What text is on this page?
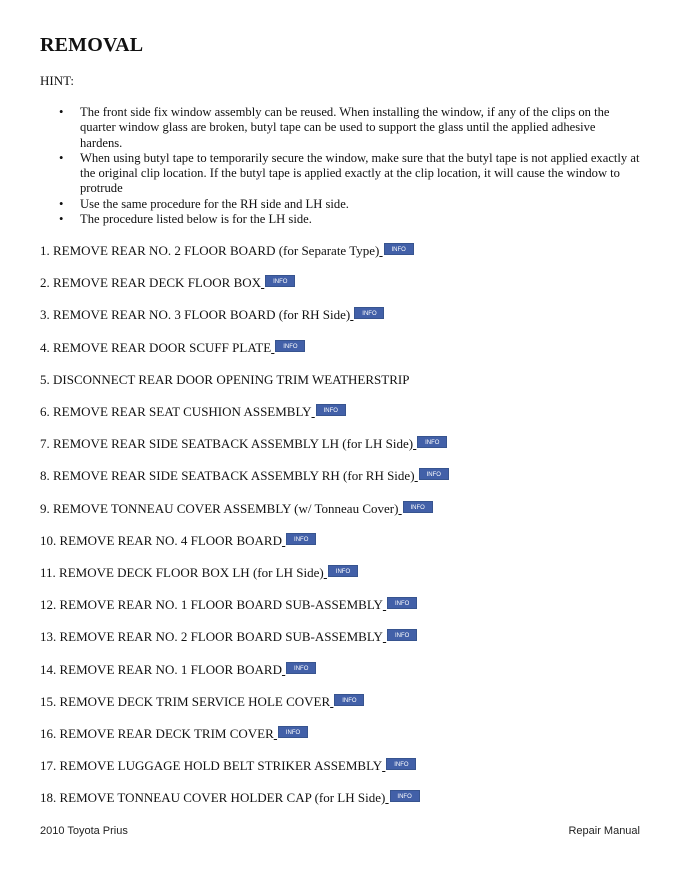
REMOVAL
HINT:
• The front side fix window assembly can be reused. When installing the window, if any of the clips on the quarter window glass are broken, butyl tape can be used to support the glass until the applied adhesive hardens.
• When using butyl tape to temporarily secure the window, make sure that the butyl tape is not applied exactly at the original clip location. If the butyl tape is applied exactly at the clip location, it will cause the window to protrude
• Use the same procedure for the RH side and LH side.
• The procedure listed below is for the LH side.
1. REMOVE REAR NO. 2 FLOOR BOARD (for Separate Type)
	INFO
2. REMOVE REAR DECK FLOOR BOX
	INFO
3. REMOVE REAR NO. 3 FLOOR BOARD (for RH Side)
	INFO
4. REMOVE REAR DOOR SCUFF PLATE
	INFO
5. DISCONNECT REAR DOOR OPENING TRIM WEATHERSTRIP
6. REMOVE REAR SEAT CUSHION ASSEMBLY
	INFO
7. REMOVE REAR SIDE SEATBACK ASSEMBLY LH (for LH Side)
	INFO
8. REMOVE REAR SIDE SEATBACK ASSEMBLY RH (for RH Side)
	INFO
9. REMOVE TONNEAU COVER ASSEMBLY (w/ Tonneau Cover)
	INFO
10. REMOVE REAR NO. 4 FLOOR BOARD
	INFO
11. REMOVE DECK FLOOR BOX LH (for LH Side)
	INFO
12. REMOVE REAR NO. 1 FLOOR BOARD SUB-ASSEMBLY
	INFO
13. REMOVE REAR NO. 2 FLOOR BOARD SUB-ASSEMBLY
	INFO
14. REMOVE REAR NO. 1 FLOOR BOARD
	INFO
15. REMOVE DECK TRIM SERVICE HOLE COVER
	INFO
16. REMOVE REAR DECK TRIM COVER
	INFO
17. REMOVE LUGGAGE HOLD BELT STRIKER ASSEMBLY
	INFO
18. REMOVE TONNEAU COVER HOLDER CAP (for LH Side)
	INFO
2010 Toyota Prius	Repair Manual
